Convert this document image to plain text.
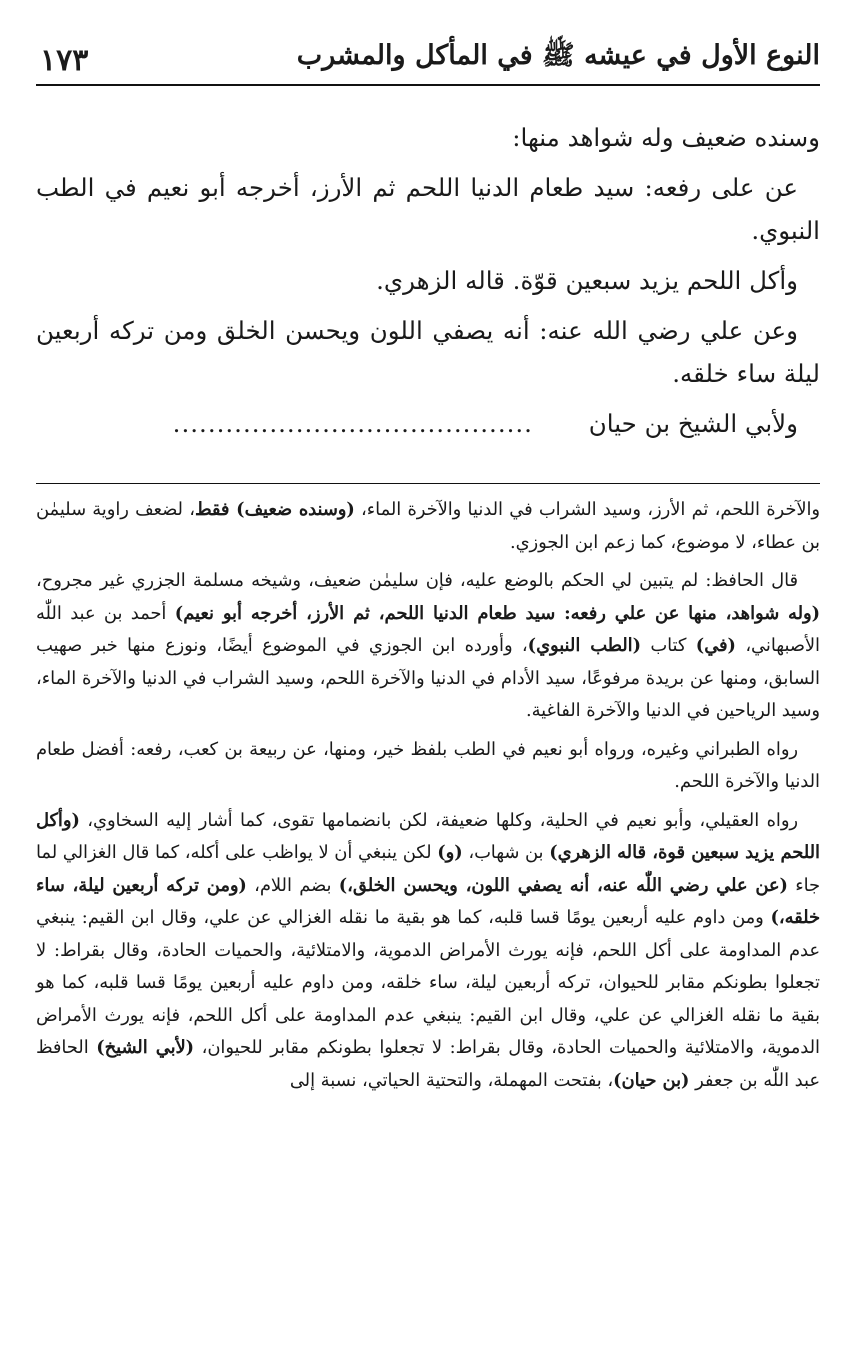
النوع الأول في عيشه ﷺ في المأكل والمشرب
١٧٣

وسنده ضعيف وله شواهد منها:

عن على رفعه: سيد طعام الدنيا اللحم ثم الأرز، أخرجه أبو نعيم في الطب النبوي.

وأكل اللحم يزيد سبعين قوّة. قاله الزهري.

وعن علي رضي الله عنه: أنه يصفي اللون ويحسن الخلق ومن تركه أربعين ليلة ساء خلقه.

ولأبي الشيخ بن حيان .........................................

والآخرة اللحم، ثم الأرز، وسيد الشراب في الدنيا والآخرة الماء، (وسنده ضعيف) فقط، لضعف راوية سليمٰن بن عطاء، لا موضوع، كما زعم ابن الجوزي.

قال الحافظ: لم يتبين لي الحكم بالوضع عليه، فإن سليمٰن ضعيف، وشيخه مسلمة الجزري غير مجروح، (وله شواهد، منها عن علي رفعه: سيد طعام الدنيا اللحم، ثم الأرز، أخرجه أبو نعيم) أحمد بن عبد اللّٰه الأصبهاني، (في) كتاب (الطب النبوي)، وأورده ابن الجوزي في الموضوع أيضًا، ونوزع منها خبر صهيب السابق، ومنها عن بريدة مرفوعًا، سيد الأدام في الدنيا والآخرة اللحم، وسيد الشراب في الدنيا والآخرة الماء، وسيد الرياحين في الدنيا والآخرة الفاغية.

رواه الطبراني وغيره، ورواه أبو نعيم في الطب بلفظ خير، ومنها، عن ربيعة بن كعب، رفعه: أفضل طعام الدنيا والآخرة اللحم.

رواه العقيلي، وأبو نعيم في الحلية، وكلها ضعيفة، لكن بانضمامها تقوى، كما أشار إليه السخاوي، (وأكل اللحم يزيد سبعين قوة، قاله الزهري) بن شهاب، (و) لكن ينبغي أن لا يواظب على أكله، كما قال الغزالي لما جاء (عن علي رضي اللّٰه عنه، أنه يصفي اللون، ويحسن الخلق،) بضم اللام، (ومن تركه أربعين ليلة، ساء خلقه،) ومن داوم عليه أربعين يومًا قسا قلبه، كما هو بقية ما نقله الغزالي عن علي، وقال ابن القيم: ينبغي عدم المداومة على أكل اللحم، فإنه يورث الأمراض الدموية، والامتلائية، والحميات الحادة، وقال بقراط: لا تجعلوا بطونكم مقابر للحيوان، تركه أربعين ليلة، ساء خلقه، ومن داوم عليه أربعين يومًا قسا قلبه، كما هو بقية ما نقله الغزالي عن علي، وقال ابن القيم: ينبغي عدم المداومة على أكل اللحم، فإنه يورث الأمراض الدموية، والامتلائية والحميات الحادة، وقال بقراط: لا تجعلوا بطونكم مقابر للحيوان، (لأبي الشيخ) الحافظ عبد اللّٰه بن جعفر (بن حيان)، بفتحت المهملة، والتحتية الحياتي، نسبة إلى
